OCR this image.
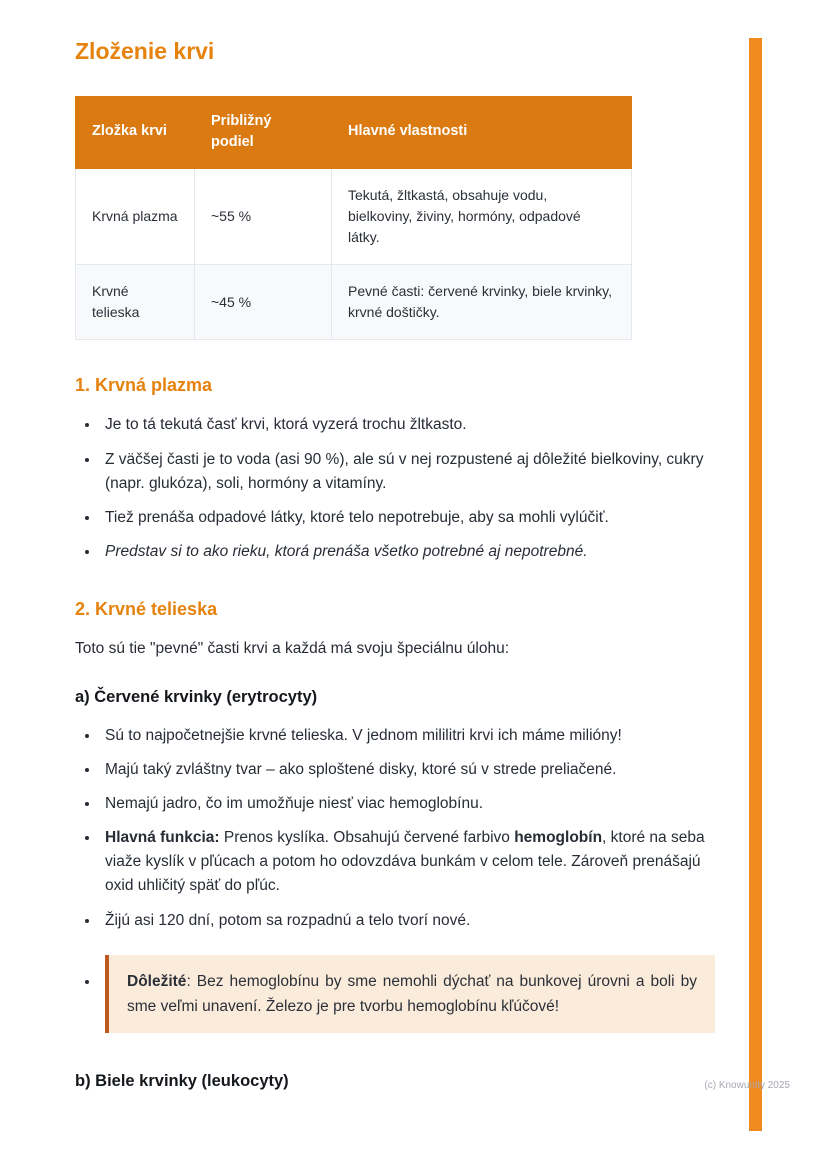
Zloženie krvi
Zložka krvi	Približný podiel	Hlavné vlastnosti
Krvná plazma	~55 %	Tekutá, žltkastá, obsahuje vodu, bielkoviny, živiny, hormóny, odpadové látky.
Krvné telieska	~45 %	Pevné časti: červené krvinky, biele krvinky, krvné doštičky.
1. Krvná plazma
• Je to tá tekutá časť krvi, ktorá vyzerá trochu žltkasto.
• Z väčšej časti je to voda (asi 90 %), ale sú v nej rozpustené aj dôležité bielkoviny, cukry (napr. glukóza), soli, hormóny a vitamíny.
• Tiež prenáša odpadové látky, ktoré telo nepotrebuje, aby sa mohli vylúčiť.
• Predstav si to ako rieku, ktorá prenáša všetko potrebné aj nepotrebné.
2. Krvné telieska

Toto sú tie "pevné" časti krvi a každá má svoju špeciálnu úlohu:

a) Červené krvinky (erytrocyty)
• Sú to najpočetnejšie krvné telieska. V jednom mililitri krvi ich máme milióny!
• Majú taký zvláštny tvar – ako sploštené disky, ktoré sú v strede preliačené.
• Nemajú jadro, čo im umožňuje niesť viac hemoglobínu.
• Hlavná funkcia: Prenos kyslíka. Obsahujú červené farbivo hemoglobín, ktoré na seba viaže kyslík v pľúcach a potom ho odovzdáva bunkám v celom tele. Zároveň prenášajú oxid uhličitý späť do pľúc.
• Žijú asi 120 dní, potom sa rozpadnú a telo tvorí nové.
• Dôležité: Bez hemoglobínu by sme nemohli dýchať na bunkovej úrovni a boli by sme veľmi unavení. Železo je pre tvorbu hemoglobínu kľúčové!
b) Biele krvinky (leukocyty)	(c) Knowunity 2025
